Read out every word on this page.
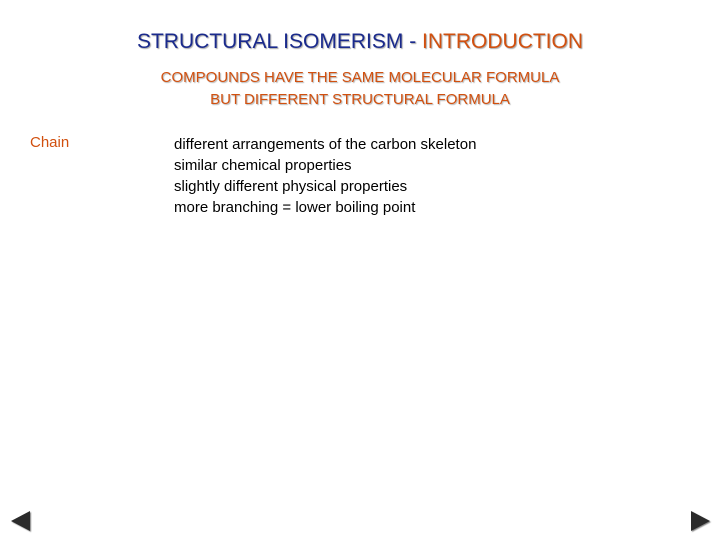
STRUCTURAL ISOMERISM - INTRODUCTION
COMPOUNDS HAVE THE SAME MOLECULAR FORMULA
BUT DIFFERENT STRUCTURAL FORMULA
Chain	different arrangements of the carbon skeleton
similar chemical properties
slightly different physical properties
more branching = lower boiling point
